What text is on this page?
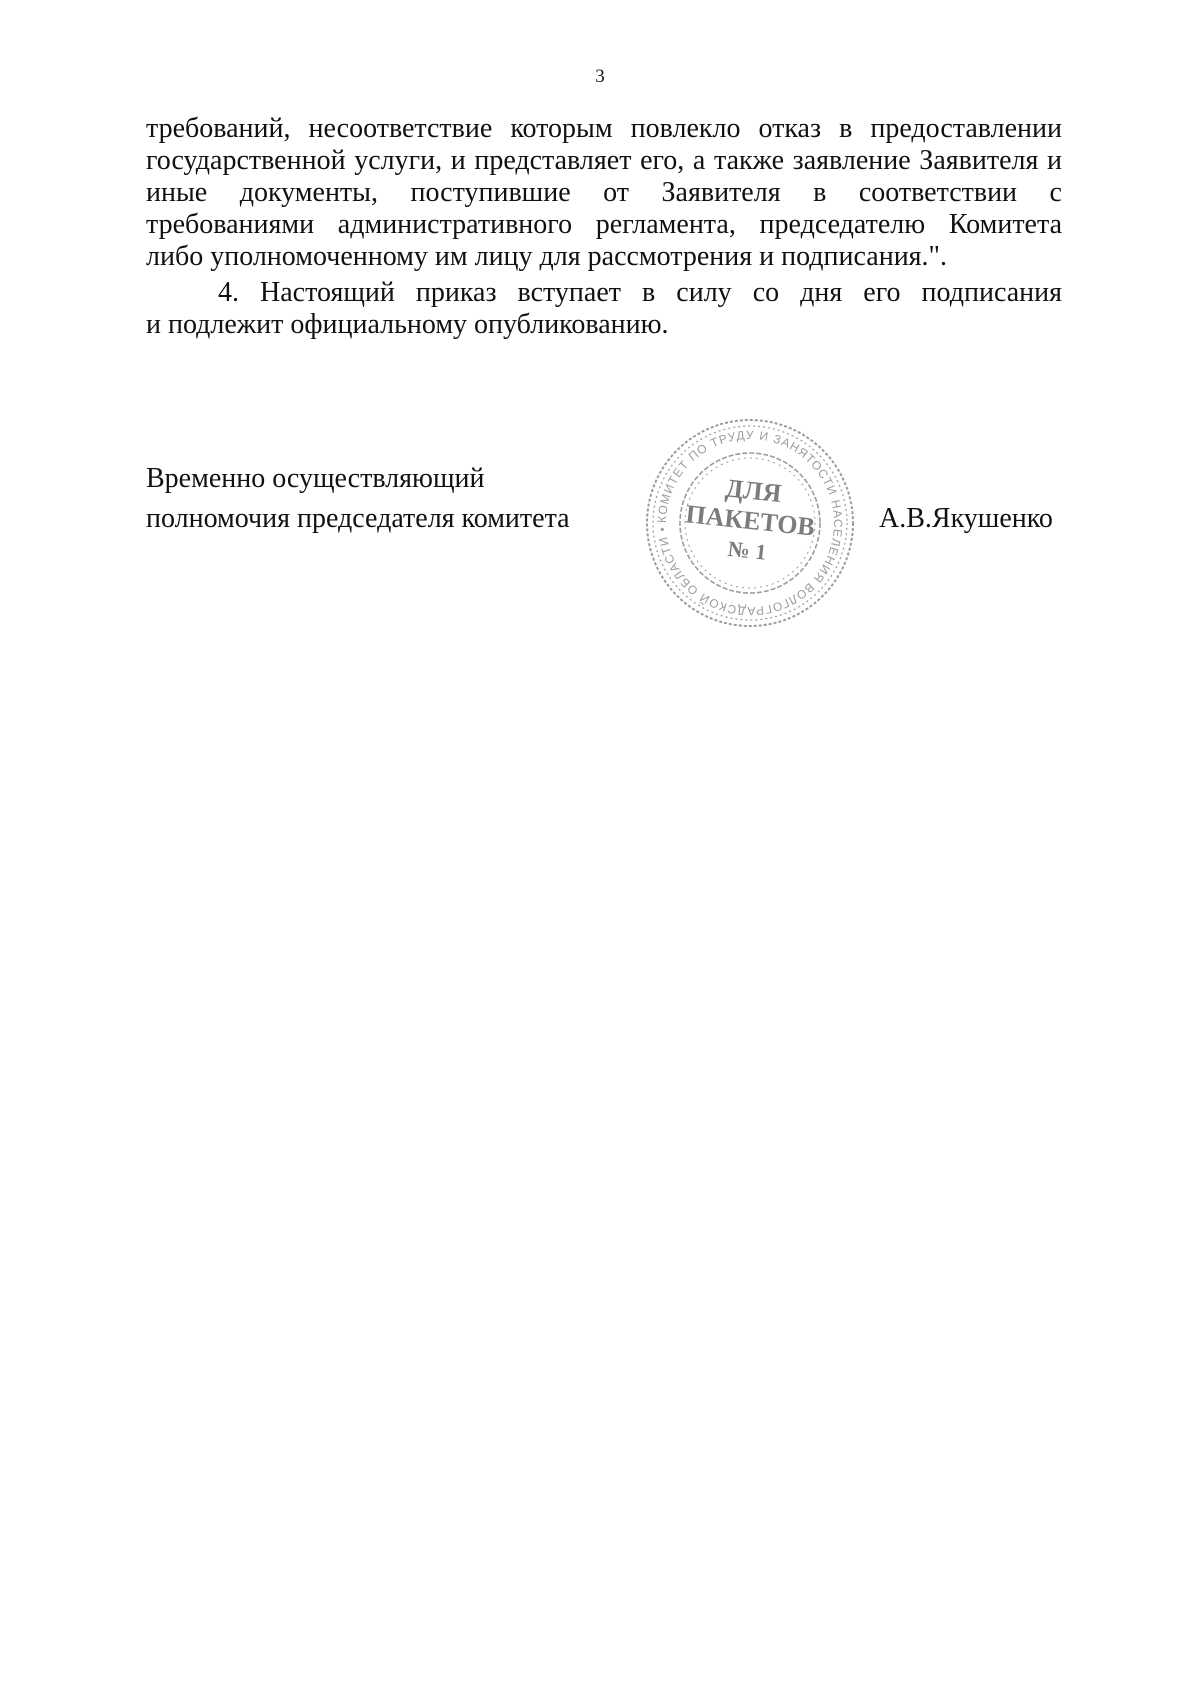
3
требований, несоответствие которым повлекло отказ в предоставлении
государственной услуги, и представляет его, а также заявление Заявителя и
иные документы, поступившие от Заявителя в соответствии с
требованиями административного регламента, председателю Комитета
либо уполномоченному им лицу для рассмотрения и подписания.".
4. Настоящий приказ вступает в силу со дня его подписания
и подлежит официальному опубликованию.
Временно осуществляющий
полномочия председателя комитета	А.В.Якушенко
КОМИТЕТ ПО ТРУДУ И ЗАНЯТОСТИ НАСЕЛЕНИЯ ВОЛГОГРАДСКОЙ ОБЛАСТИ •
ДЛЯ
ПАКЕТОВ
№ 1
